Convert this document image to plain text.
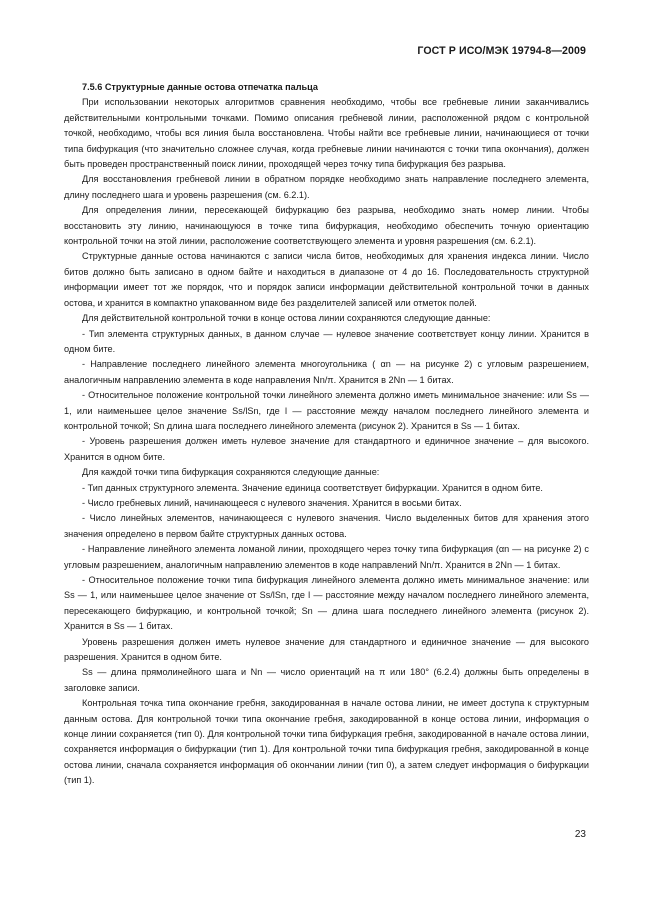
ГОСТ Р ИСО/МЭК 19794-8—2009

7.5.6 Структурные данные остова отпечатка пальца

При использовании некоторых алгоритмов сравнения необходимо, чтобы все гребневые линии заканчивались действительными контрольными точками. Помимо описания гребневой линии, расположенной рядом с контрольной точкой, необходимо, чтобы вся линия была восстановлена. Чтобы найти все гребневые линии, начинающиеся от точки типа бифуркация (что значительно сложнее случая, когда гребневые линии начинаются с точки типа окончания), должен быть проведен пространственный поиск линии, проходящей через точку типа бифуркация без разрыва.

Для восстановления гребневой линии в обратном порядке необходимо знать направление последнего элемента, длину последнего шага и уровень разрешения (см. 6.2.1).

Для определения линии, пересекающей бифуркацию без разрыва, необходимо знать номер линии. Чтобы восстановить эту линию, начинающуюся в точке типа бифуркация, необходимо обеспечить точную ориентацию контрольной точки на этой линии, расположение соответствующего элемента и уровня разрешения (см. 6.2.1).

Структурные данные остова начинаются с записи числа битов, необходимых для хранения индекса линии. Число битов должно быть записано в одном байте и находиться в диапазоне от 4 до 16. Последовательность структурной информации имеет тот же порядок, что и порядок записи информации действительной контрольной точки в данных остова, и хранится в компактно упакованном виде без разделителей записей или отметок полей.

Для действительной контрольной точки в конце остова линии сохраняются следующие данные:

- Тип элемента структурных данных, в данном случае — нулевое значение соответствует концу линии. Хранится в одном бите.

- Направление последнего линейного элемента многоугольника ( αn — на рисунке 2) с угловым разрешением, аналогичным направлению элемента в коде направления Nn/π. Хранится в 2Nn — 1 битах.

- Относительное положение контрольной точки линейного элемента должно иметь минимальное значение: или Ss — 1, или наименьшее целое значение Ss/lSn, где l — расстояние между началом последнего линейного элемента и контрольной точкой; Sn длина шага последнего линейного элемента (рисунок 2). Хранится в Ss — 1 битах.

- Уровень разрешения должен иметь нулевое значение для стандартного и единичное значение – для высокого. Хранится в одном бите.

Для каждой точки типа бифуркация сохраняются следующие данные:

- Тип данных структурного элемента. Значение единица соответствует бифуркации. Хранится в одном бите.

- Число гребневых линий, начинающееся с нулевого значения. Хранится в восьми битах.

- Число линейных элементов, начинающееся с нулевого значения. Число выделенных битов для хранения этого значения определено в первом байте структурных данных остова.

- Направление линейного элемента ломаной линии, проходящего через точку типа бифуркация (αn — на рисунке 2) с угловым разрешением, аналогичным направлению элементов в коде направлений Nn/π. Хранится в 2Nn — 1 битах.

- Относительное положение точки типа бифуркация линейного элемента должно иметь минимальное значение: или Ss — 1, или наименьшее целое значение от Ss/lSn, где l — расстояние между началом последнего линейного элемента, пересекающего бифуркацию, и контрольной точкой; Sn — длина шага последнего линейного элемента (рисунок 2). Хранится в Ss — 1 битах.

Уровень разрешения должен иметь нулевое значение для стандартного и единичное значение — для высокого разрешения. Хранится в одном бите.

Ss — длина прямолинейного шага и Nn — число ориентаций на π или 180° (6.2.4) должны быть определены в заголовке записи.

Контрольная точка типа окончание гребня, закодированная в начале остова линии, не имеет доступа к структурным данным остова. Для контрольной точки типа окончание гребня, закодированной в конце остова линии, информация о конце линии сохраняется (тип 0). Для контрольной точки типа бифуркация гребня, закодированной в начале остова линии, сохраняется информация о бифуркации (тип 1). Для контрольной точки типа бифуркация гребня, закодированной в конце остова линии, сначала сохраняется информация об окончании линии (тип 0), а затем следует информация о бифуркации (тип 1).

23
